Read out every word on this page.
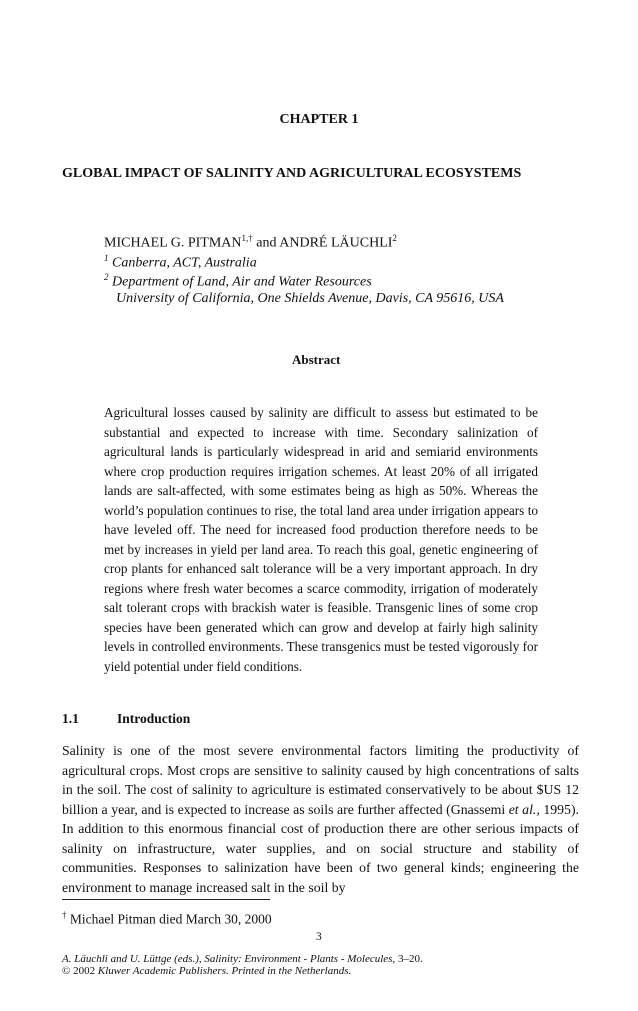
CHAPTER 1
GLOBAL IMPACT OF SALINITY AND AGRICULTURAL ECOSYSTEMS
MICHAEL G. $PITMAN^{1,\dagger}$ and ANDRÉ LÄUCHLI$^2$
$^1$ Canberra, ACT, Australia
$^2$ Department of Land, Air and Water Resources
University of California, One Shields Avenue, Davis, CA 95616, USA
Abstract
Agricultural losses caused by salinity are difficult to assess but estimated to be substantial and expected to increase with time. Secondary salinization of agricultural lands is particularly widespread in arid and semiarid environments where crop production requires irrigation schemes. At least 20% of all irrigated lands are salt-affected, with some estimates being as high as 50%. Whereas the world’s population continues to rise, the total land area under irrigation appears to have leveled off. The need for increased food production therefore needs to be met by increases in yield per land area. To reach this goal, genetic engineering of crop plants for enhanced salt tolerance will be a very important approach. In dry regions where fresh water becomes a scarce commodity, irrigation of moderately salt tolerant crops with brackish water is feasible. Transgenic lines of some crop species have been generated which can grow and develop at fairly high salinity levels in controlled environments. These transgenics must be tested vigorously for yield potential under field conditions.
1.1	Introduction
Salinity is one of the most severe environmental factors limiting the productivity of agricultural crops. Most crops are sensitive to salinity caused by high concentrations of salts in the soil. The cost of salinity to agriculture is estimated conservatively to be about $US 12 billion a year, and is expected to increase as soils are further affected (Gnassemi et al., 1995). In addition to this enormous financial cost of production there are other serious impacts of salinity on infrastructure, water supplies, and on social structure and stability of communities. Responses to salinization have been of two general kinds; engineering the environment to manage increased salt in the soil by
† Michael Pitman died March 30, 2000
3
A. Läuchli and U. Lüttge (eds.), Salinity: Environment - Plants - Molecules, 3–20.
© 2002 Kluwer Academic Publishers. Printed in the Netherlands.
